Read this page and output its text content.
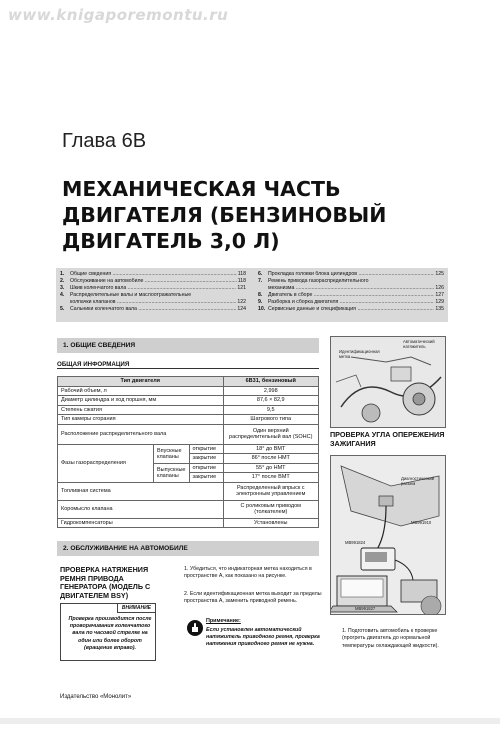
www.knigaporemontu.ru
Глава 6В
МЕХАНИЧЕСКАЯ ЧАСТЬ ДВИГАТЕЛЯ (БЕНЗИНОВЫЙ ДВИГАТЕЛЬ 3,0 Л)
1.	Общие сведения .....	118
2.	Обслуживание на автомобиле .....	118
3.	Шкив коленчатого вала .....	121
4.	Распределительные валы и маслоотражательные
колпачки клапанов .....	122
5.	Сальники коленчатого вала .....	124
6.	Прокладка головки блока цилиндров .....	125
7.	Ремень привода газораспределительного
механизма .....	126
8.	Двигатель в сборе .....	127
9.	Разборка и сборка двигателя .....	129
10. Сервисные данные и спецификация .....	135
1. ОБЩИЕ СВЕДЕНИЯ
ОБЩАЯ ИНФОРМАЦИЯ
Тип двигателя			6B31, бензиновый
Рабочий объем, л			2,998
Диаметр цилиндра и ход поршня, мм			87,6 × 82,9
Степень сжатия			9,5
Тип камеры сгорания			Шатрового типа
Расположение распределительного вала			Один верхний распределительный вал (SOHC)
Фазы газораспределения	Впускные клапаны	открытие	18° до ВМТ
		закрытие	86° после НМТ
	Выпускные клапаны	открытие	55° до НМТ
		закрытие	17° после ВМТ
Топливная система			Распределенный впрыск с электронным управлением
Коромысло клапана			С роликовым приводом (толкателем)
Гидрокомпенсаторы			Установлены
Автоматический натяжитель
Идентификационная метка
ПРОВЕРКА УГЛА ОПЕРЕЖЕНИЯ ЗАЖИГАНИЯ
Диагностический разъем
MB991910
MB991824
MB991827
2. ОБСЛУЖИВАНИЕ НА АВТОМОБИЛЕ
ПРОВЕРКА НАТЯЖЕНИЯ РЕМНЯ ПРИВОДА ГЕНЕРАТОРА (МОДЕЛЬ С ДВИГАТЕЛЕМ BSY)
ВНИМАНИЕ
Проверка производится после проворачивания коленчатого вала по часовой стрелке на один или более оборот (вращение вправо).
1. Убедиться, что индикаторная метка находиться в пространстве А, как показано на рисунке.
2. Если идентификационная метка выходит за пределы пространства А, заменить приводной ремень.
Примечание:
Если установлен автоматический натяжитель приводного ремня, проверка натяжения приводного ремня не нужна.
1. Подготовить автомобиль к проверке (прогреть двигатель до нормальной температуры охлаждающей жидкости).
Издательство «Монолит»
